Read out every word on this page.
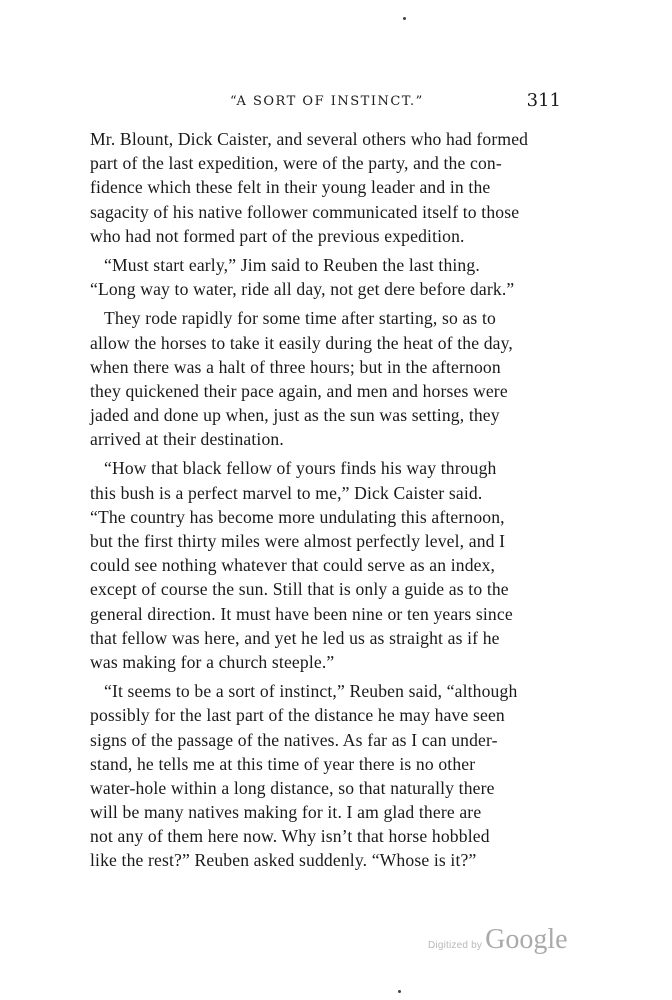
“A SORT OF INSTINCT.”	311
Mr. Blount, Dick Caister, and several others who had formed
part of the last expedition, were of the party, and the con-
fidence which these felt in their young leader and in the
sagacity of his native follower communicated itself to those
who had not formed part of the previous expedition.
“Must start early,” Jim said to Reuben the last thing.
“Long way to water, ride all day, not get dere before dark.”
They rode rapidly for some time after starting, so as to
allow the horses to take it easily during the heat of the day,
when there was a halt of three hours; but in the afternoon
they quickened their pace again, and men and horses were
jaded and done up when, just as the sun was setting, they
arrived at their destination.
“How that black fellow of yours finds his way through
this bush is a perfect marvel to me,” Dick Caister said.
“The country has become more undulating this afternoon,
but the first thirty miles were almost perfectly level, and I
could see nothing whatever that could serve as an index,
except of course the sun. Still that is only a guide as to the
general direction. It must have been nine or ten years since
that fellow was here, and yet he led us as straight as if he
was making for a church steeple.”
“It seems to be a sort of instinct,” Reuben said, “although
possibly for the last part of the distance he may have seen
signs of the passage of the natives. As far as I can under-
stand, he tells me at this time of year there is no other
water-hole within a long distance, so that naturally there
will be many natives making for it. I am glad there are
not any of them here now. Why isn’t that horse hobbled
like the rest?” Reuben asked suddenly. “Whose is it?”
Digitized by Google
